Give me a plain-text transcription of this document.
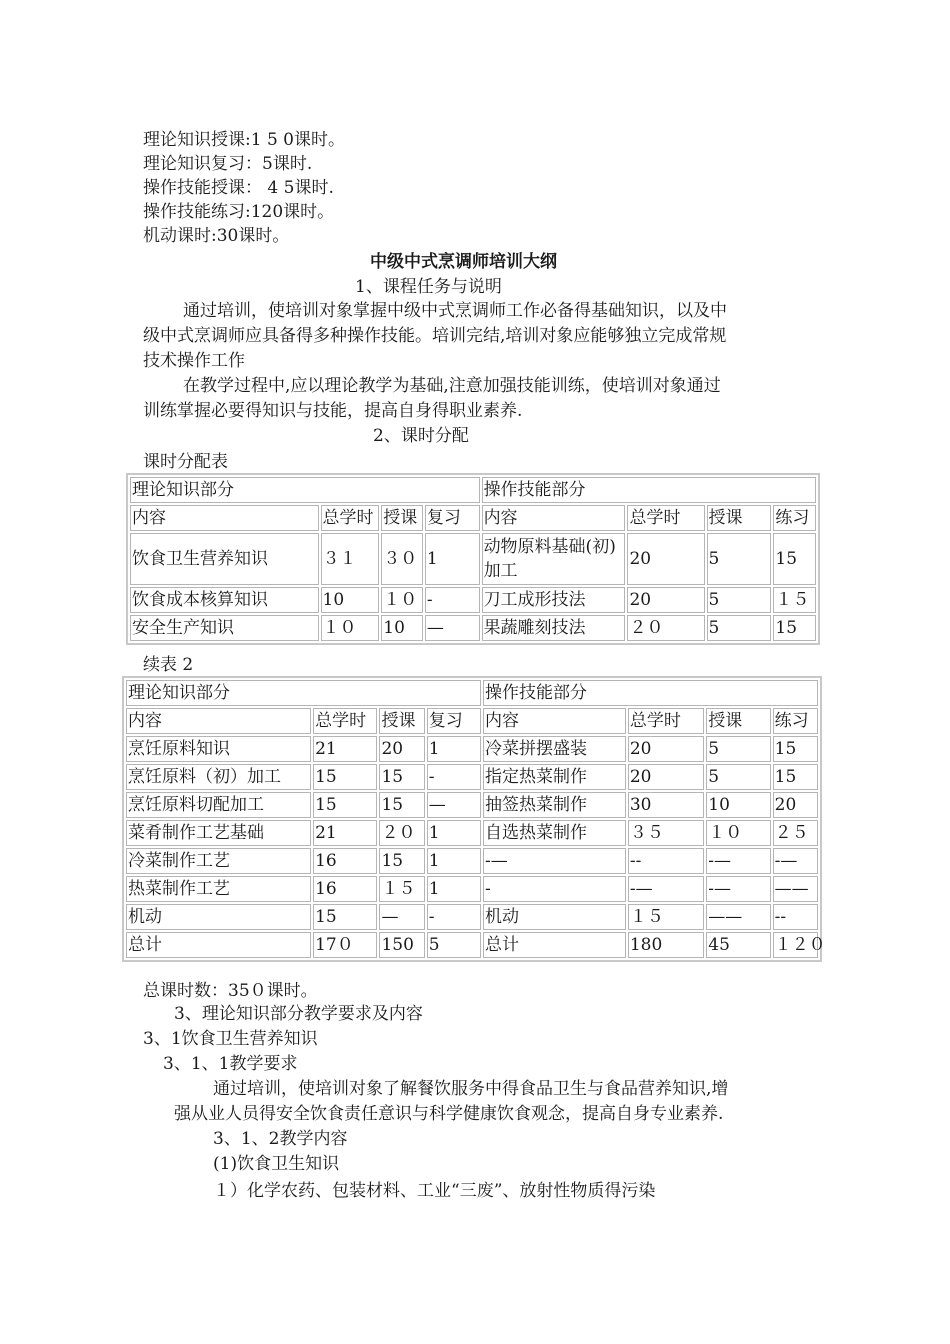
理论知识授课:1 5 0课时。
理论知识复习：5课时.
操作技能授课： 4 5课时.
操作技能练习:120课时。
机动课时:30课时。
中级中式烹调师培训大纲
1、课程任务与说明
通过培训，使培训对象掌握中级中式烹调师工作必备得基础知识，以及中
级中式烹调师应具备得多种操作技能。培训完结,培训对象应能够独立完成常规
技术操作工作
在教学过程中,应以理论教学为基础,注意加强技能训练，使培训对象通过
训练掌握必要得知识与技能，提高自身得职业素养.
2、课时分配
课时分配表
理论知识部分				操作技能部分			
内容	总学时	授课	复习	内容	总学时	授课	练习
饮食卫生营养知识	３１	３０	1	动物原料基础(初)加工	20	5	15
饮食成本核算知识	10	１０	-	刀工成形技法	20	5	１５
安全生产知识	１０	10	—	果蔬雕刻技法	２０	5	15
续表 2
理论知识部分				操作技能部分			
内容	总学时	授课	复习	内容	总学时	授课	练习
烹饪原料知识	21	20	1	冷菜拼摆盛装	20	5	15
烹饪原料（初）加工	15	15	-	指定热菜制作	20	5	15
烹饪原料切配加工	15	15	—	抽签热菜制作	30	10	20
菜肴制作工艺基础	21	２０	1	自选热菜制作	３５	１０	２５
冷菜制作工艺	16	15	1	-—	--	-—	-—
热菜制作工艺	16	１５	1	-	-—	-—	——
机动	15	—	-	机动	１５	——	--
总计	17０	150	5	总计	180	45	１２０
总课时数：35０课时。
3、理论知识部分教学要求及内容
3、1饮食卫生营养知识
3、1、1教学要求
通过培训，使培训对象了解餐饮服务中得食品卫生与食品营养知识,增
强从业人员得安全饮食责任意识与科学健康饮食观念，提高自身专业素养.
3、1、2教学内容
(1)饮食卫生知识
１）化学农药、包装材料、工业“三废”、放射性物质得污染
